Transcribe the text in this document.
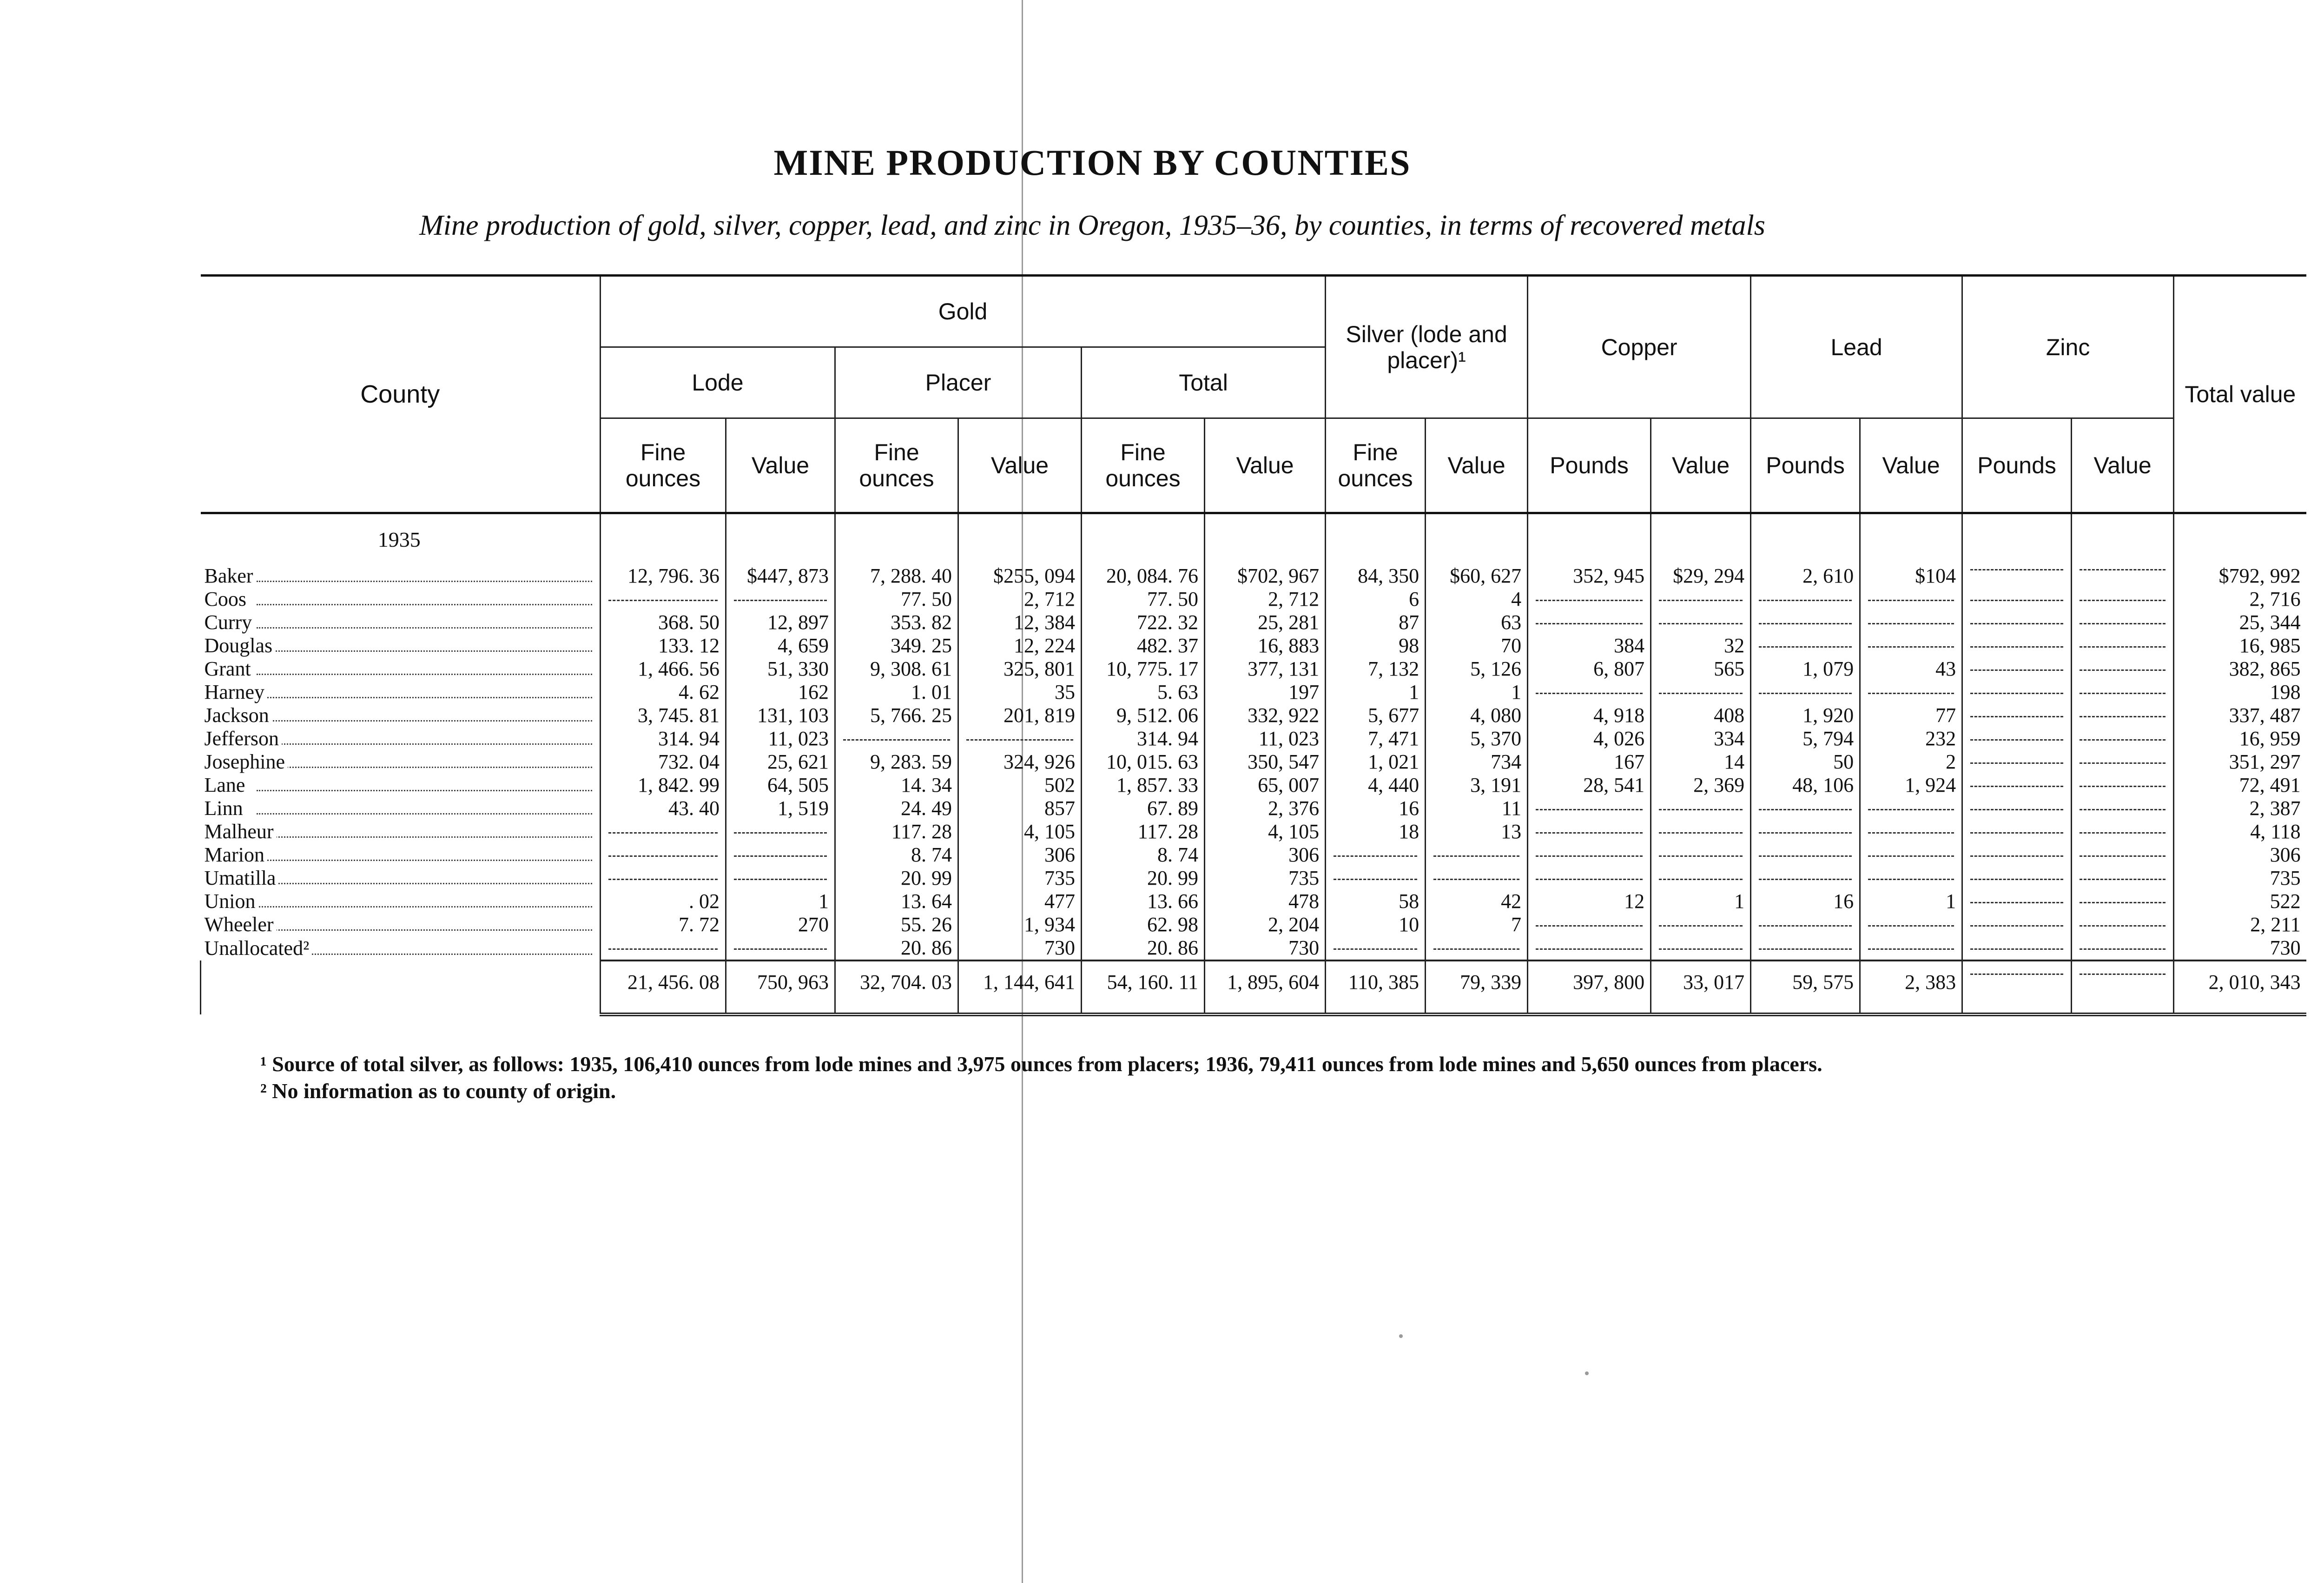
MINE PRODUCTION BY COUNTIES
Mine production of gold, silver, copper, lead, and zinc in Oregon, 1935–36, by counties, in terms of recovered metals
County	Gold						Silver (lode and placer)¹		Copper		Lead		Zinc		Total value
	Lode		Placer		Total										
	Fine ounces	Value	Fine ounces	Value	Fine ounces	Value	Fine ounces	Value	Pounds	Value	Pounds	Value	Pounds	Value	
1935															
Baker	12, 796. 36	$447, 873	7, 288. 40	$255, 094	20, 084. 76	$702, 967	84, 350	$60, 627	352, 945	$29, 294	2, 610	$104			$792, 992
Coos			77. 50	2, 712	77. 50	2, 712	6	4							2, 716
Curry	368. 50	12, 897	353. 82	12, 384	722. 32	25, 281	87	63							25, 344
Douglas	133. 12	4, 659	349. 25	12, 224	482. 37	16, 883	98	70	384	32					16, 985
Grant	1, 466. 56	51, 330	9, 308. 61	325, 801	10, 775. 17	377, 131	7, 132	5, 126	6, 807	565	1, 079	43			382, 865
Harney	4. 62	162	1. 01	35	5. 63	197	1	1							198
Jackson	3, 745. 81	131, 103	5, 766. 25	201, 819	9, 512. 06	332, 922	5, 677	4, 080	4, 918	408	1, 920	77			337, 487
Jefferson	314. 94	11, 023			314. 94	11, 023	7, 471	5, 370	4, 026	334	5, 794	232			16, 959
Josephine	732. 04	25, 621	9, 283. 59	324, 926	10, 015. 63	350, 547	1, 021	734	167	14	50	2			351, 297
Lane	1, 842. 99	64, 505	14. 34	502	1, 857. 33	65, 007	4, 440	3, 191	28, 541	2, 369	48, 106	1, 924			72, 491
Linn	43. 40	1, 519	24. 49	857	67. 89	2, 376	16	11							2, 387
Malheur			117. 28	4, 105	117. 28	4, 105	18	13							4, 118
Marion			8. 74	306	8. 74	306									306
Umatilla			20. 99	735	20. 99	735									735
Union	. 02	1	13. 64	477	13. 66	478	58	42	12	1	16	1			522
Wheeler	7. 72	270	55. 26	1, 934	62. 98	2, 204	10	7							2, 211
Unallocated²			20. 86	730	20. 86	730									730
	21, 456. 08	750, 963	32, 704. 03	1, 144, 641	54, 160. 11	1, 895, 604	110, 385	79, 339	397, 800	33, 017	59, 575	2, 383			2, 010, 343
¹ Source of total silver, as follows: 1935, 106,410 ounces from lode mines and 3,975 ounces from placers; 1936, 79,411 ounces from lode mines and 5,650 ounces from placers.
² No information as to county of origin.
